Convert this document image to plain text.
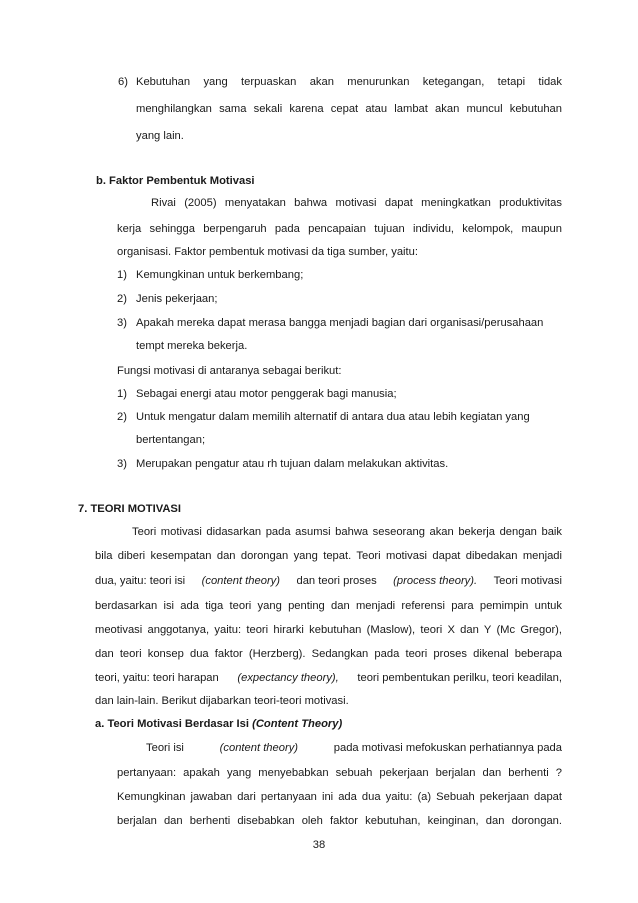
6) Kebutuhan yang terpuaskan akan menurunkan ketegangan, tetapi tidak
menghilangkan sama sekali karena cepat atau lambat akan muncul kebutuhan
yang lain.
b. Faktor Pembentuk Motivasi
Rivai (2005) menyatakan bahwa motivasi dapat meningkatkan produktivitas
kerja sehingga berpengaruh pada pencapaian tujuan individu, kelompok, maupun
organisasi. Faktor pembentuk motivasi da tiga sumber, yaitu:
1) Kemungkinan untuk berkembang;
2) Jenis pekerjaan;
3) Apakah mereka dapat merasa bangga menjadi bagian dari organisasi/perusahaan
tempt mereka bekerja.
Fungsi motivasi di antaranya sebagai berikut:
1) Sebagai energi atau motor penggerak bagi manusia;
2) Untuk mengatur dalam memilih alternatif di antara dua atau lebih kegiatan yang
bertentangan;
3) Merupakan pengatur atau rh tujuan dalam melakukan aktivitas.
7. TEORI MOTIVASI
Teori motivasi didasarkan pada asumsi bahwa seseorang akan bekerja dengan baik
bila diberi kesempatan dan dorongan yang tepat. Teori motivasi dapat dibedakan menjadi
dua, yaitu: teori isi (content theory) dan teori proses (process theory). Teori motivasi
berdasarkan isi ada tiga teori yang penting dan menjadi referensi para pemimpin untuk
meotivasi anggotanya, yaitu: teori hirarki kebutuhan (Maslow), teori X dan Y (Mc Gregor),
dan teori konsep dua faktor (Herzberg). Sedangkan pada teori proses dikenal beberapa
teori, yaitu: teori harapan (expectancy theory), teori pembentukan perilku, teori keadilan,
dan lain-lain. Berikut dijabarkan teori-teori motivasi.
a. Teori Motivasi Berdasar Isi (Content Theory)
Teori isi	(content theory)	pada motivasi mefokuskan perhatiannya pada
pertanyaan: apakah yang menyebabkan sebuah pekerjaan berjalan dan berhenti ?
Kemungkinan jawaban dari pertanyaan ini ada dua yaitu: (a) Sebuah pekerjaan dapat
berjalan dan berhenti disebabkan oleh faktor kebutuhan, keinginan, dan dorongan.
38
